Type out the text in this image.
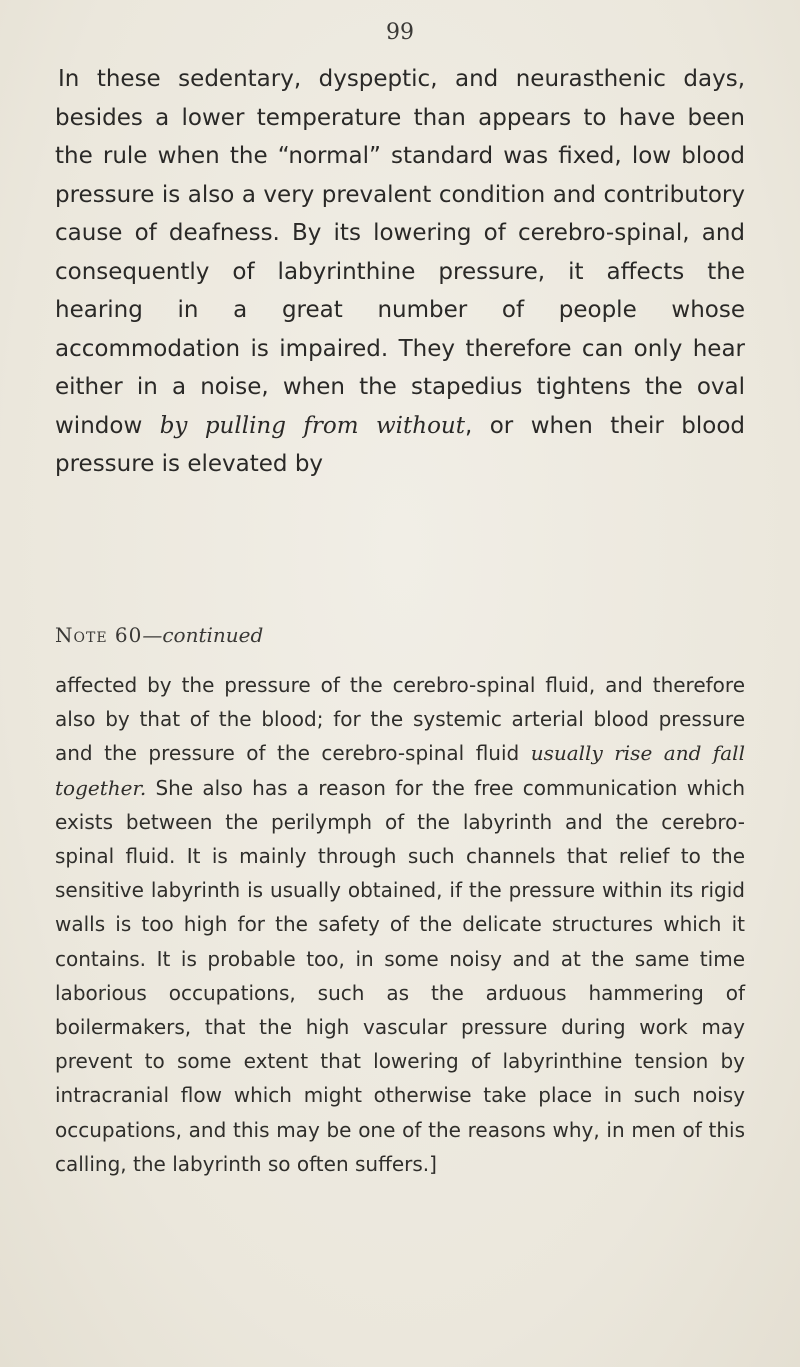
99

In these sedentary, dyspeptic, and neurasthenic days, besides a lower temperature than appears to have been the rule when the “normal” standard was fixed, low blood pressure is also a very prevalent condition and contributory cause of deafness. By its lowering of cerebro-spinal, and consequently of labyrinthine pressure, it affects the hearing in a great number of people whose accommodation is impaired. They therefore can only hear either in a noise, when the stapedius tightens the oval window by pulling from without, or when their blood pressure is elevated by

Note 60—continued

affected by the pressure of the cerebro-spinal fluid, and therefore also by that of the blood; for the systemic arterial blood pressure and the pressure of the cerebro-spinal fluid usually rise and fall together. She also has a reason for the free communication which exists between the perilymph of the labyrinth and the cerebro-spinal fluid. It is mainly through such channels that relief to the sensitive labyrinth is usually obtained, if the pressure within its rigid walls is too high for the safety of the delicate structures which it contains. It is probable too, in some noisy and at the same time laborious occupations, such as the arduous hammering of boilermakers, that the high vascular pressure during work may prevent to some extent that lowering of labyrinthine tension by intracranial flow which might otherwise take place in such noisy occupations, and this may be one of the reasons why, in men of this calling, the labyrinth so often suffers.]
